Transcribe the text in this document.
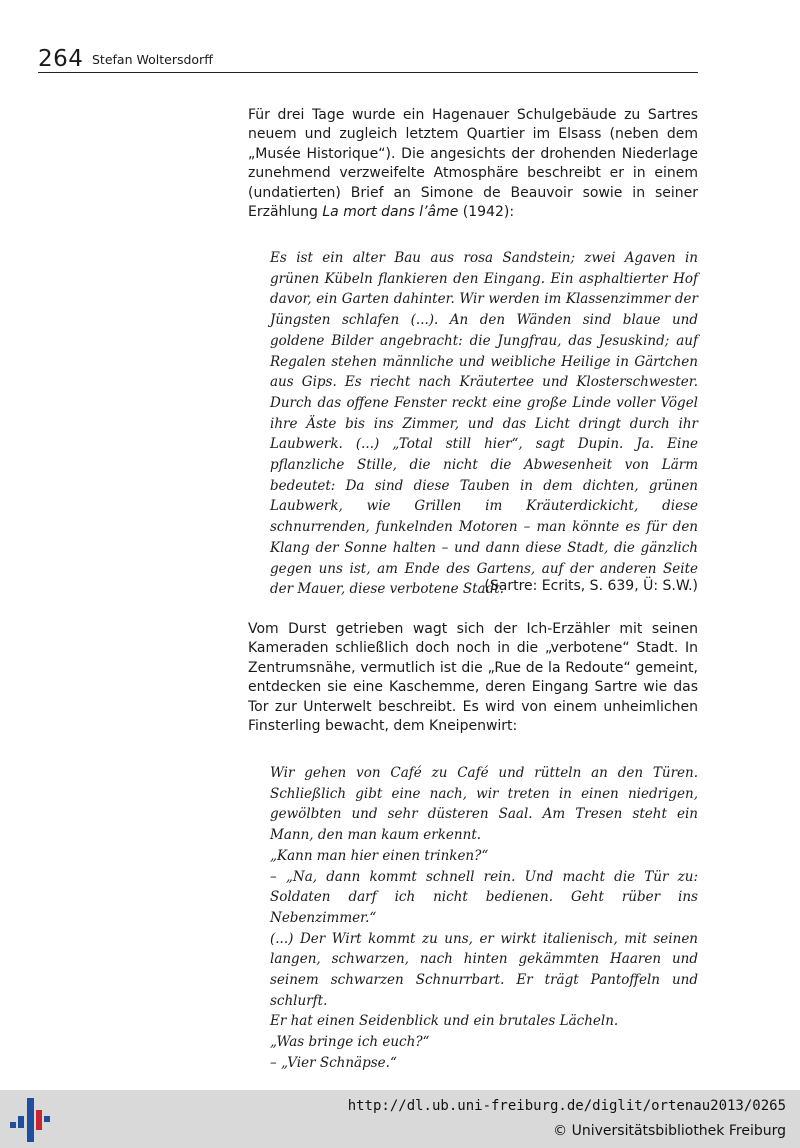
264 Stefan Woltersdorff
Für drei Tage wurde ein Hagenauer Schulgebäude zu Sartres neuem und zugleich letztem Quartier im Elsass (neben dem „Musée Historique“). Die angesichts der drohenden Niederlage zunehmend verzweifelte Atmosphäre beschreibt er in einem (undatierten) Brief an Simone de Beauvoir sowie in seiner Erzählung La mort dans l’âme (1942):
Es ist ein alter Bau aus rosa Sandstein; zwei Agaven in grünen Kübeln flankieren den Eingang. Ein asphaltierter Hof davor, ein Garten dahinter. Wir werden im Klassenzimmer der Jüngsten schlafen (...). An den Wänden sind blaue und goldene Bilder angebracht: die Jungfrau, das Jesuskind; auf Regalen stehen männliche und weibliche Heilige in Gärtchen aus Gips. Es riecht nach Kräutertee und Klosterschwester. Durch das offene Fenster reckt eine große Linde voller Vögel ihre Äste bis ins Zimmer, und das Licht dringt durch ihr Laubwerk. (...) „Total still hier“, sagt Dupin. Ja. Eine pflanzliche Stille, die nicht die Abwesenheit von Lärm bedeutet: Da sind diese Tauben in dem dichten, grünen Laubwerk, wie Grillen im Kräuterdickicht, diese schnurrenden, funkelnden Motoren – man könnte es für den Klang der Sonne halten – und dann diese Stadt, die gänzlich gegen uns ist, am Ende des Gartens, auf der anderen Seite der Mauer, diese verbotene Stadt.
(Sartre: Ecrits, S. 639, Ü: S.W.)
Vom Durst getrieben wagt sich der Ich-Erzähler mit seinen Kameraden schließlich doch noch in die „verbotene“ Stadt. In Zentrumsnähe, vermutlich ist die „Rue de la Redoute“ gemeint, entdecken sie eine Kaschemme, deren Eingang Sartre wie das Tor zur Unterwelt beschreibt. Es wird von einem unheimlichen Finsterling bewacht, dem Kneipenwirt:
Wir gehen von Café zu Café und rütteln an den Türen. Schließlich gibt eine nach, wir treten in einen niedrigen, gewölbten und sehr düsteren Saal. Am Tresen steht ein Mann, den man kaum erkennt.
„Kann man hier einen trinken?“
– „Na, dann kommt schnell rein. Und macht die Tür zu: Soldaten darf ich nicht bedienen. Geht rüber ins Nebenzimmer.“
(...) Der Wirt kommt zu uns, er wirkt italienisch, mit seinen langen, schwarzen, nach hinten gekämmten Haaren und seinem schwarzen Schnurrbart. Er trägt Pantoffeln und schlurft.
Er hat einen Seidenblick und ein brutales Lächeln.
„Was bringe ich euch?“
– „Vier Schnäpse.“
http://dl.ub.uni-freiburg.de/diglit/ortenau2013/0265
© Universitätsbibliothek Freiburg
